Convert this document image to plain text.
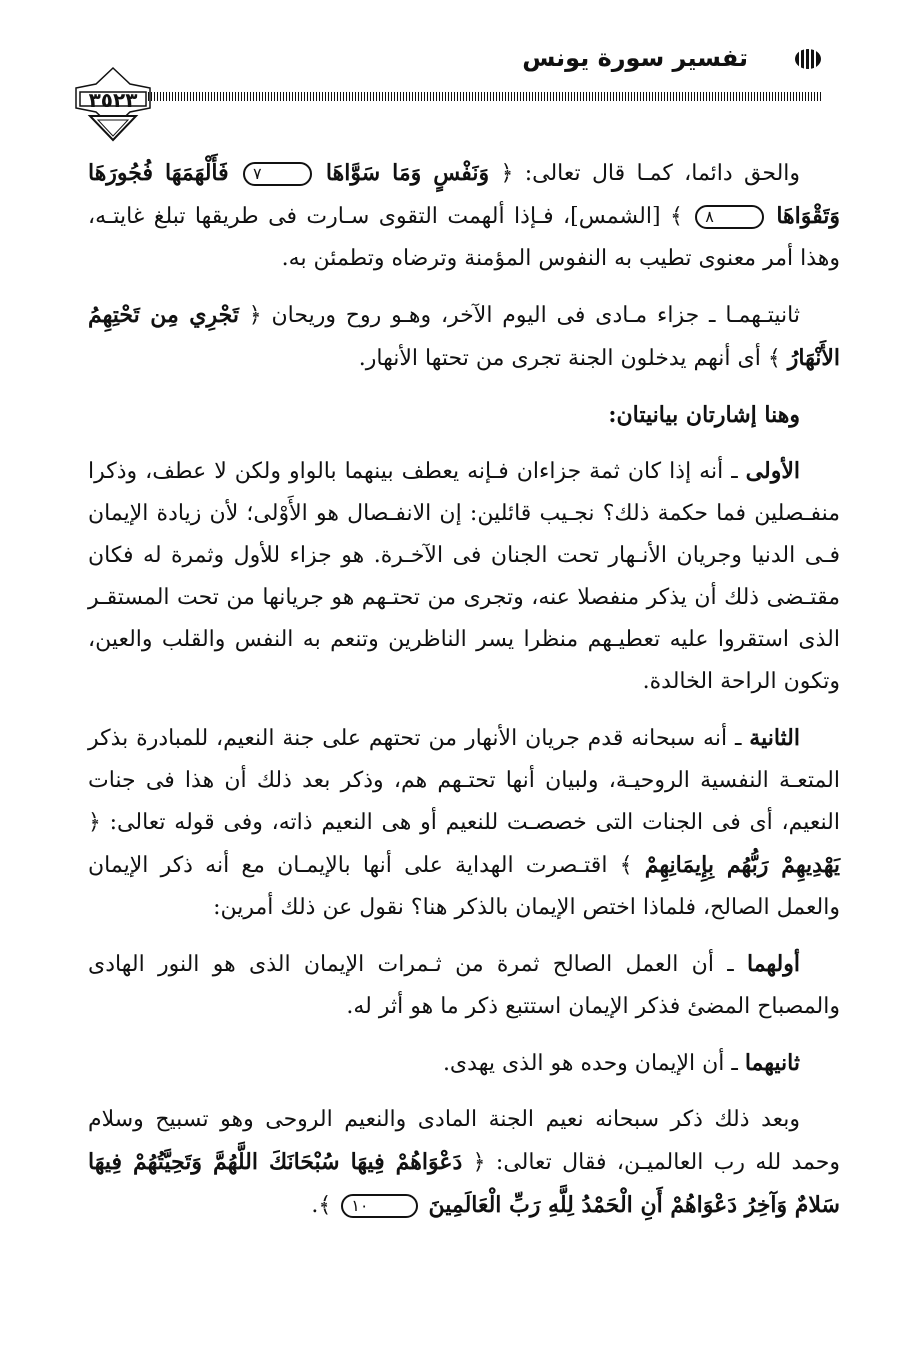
تفسير سورة يونس
٣٥٢٣

والحق دائما، كمـا قال تعالى: ﴿ وَنَفْسٍ وَمَا سَوَّاهَا ٧ فَأَلْهَمَهَا فُجُورَهَا وَتَقْوَاهَا ٨ ﴾ [الشمس]، فـإذا ألهمت التقوى سـارت فى طريقها تبلغ غايتـه، وهذا أمر معنوى تطيب به النفوس المؤمنة وترضاه وتطمئن به.

ثانيتـهمـا ـ جزاء مـادى فى اليوم الآخر، وهـو روح وريحان ﴿ تَجْرِي مِن تَحْتِهِمُ الأَنْهَارُ ﴾ أى أنهم يدخلون الجنة تجرى من تحتها الأنهار.

وهنا إشارتان بيانيتان:

الأولى ـ أنه إذا كان ثمة جزاءان فـإنه يعطف بينهما بالواو ولكن لا عطف، وذكرا منفـصلين فما حكمة ذلك؟ نجـيب قائلين: إن الانفـصال هو الأَوْلى؛ لأن زيادة الإيمان فـى الدنيا وجريان الأنـهار تحت الجنان فى الآخـرة. هو جزاء للأول وثمرة له فكان مقتـضى ذلك أن يذكر منفصلا عنه، وتجرى من تحتـهم هو جريانها من تحت المستقـر الذى استقروا عليه تعطيـهم منظرا يسر الناظرين وتنعم به النفس والقلب والعين، وتكون الراحة الخالدة.

الثانية ـ أنه سبحانه قدم جريان الأنهار من تحتهم على جنة النعيم، للمبادرة بذكر المتعـة النفسية الروحيـة، ولبيان أنها تحتـهم هم، وذكر بعد ذلك أن هذا فى جنات النعيم، أى فى الجنات التى خصصـت للنعيم أو هى النعيم ذاته، وفى قوله تعالى: ﴿ يَهْدِيهِمْ رَبُّهُم بِإِيمَانِهِمْ ﴾ اقتـصرت الهداية على أنها بالإيمـان مع أنه ذكر الإيمان والعمل الصالح، فلماذا اختص الإيمان بالذكر هنا؟ نقول عن ذلك أمرين:

أولهما ـ أن العمل الصالح ثمرة من ثـمرات الإيمان الذى هو النور الهادى والمصباح المضئ فذكر الإيمان استتبع ذكر ما هو أثر له.

ثانيهما ـ أن الإيمان وحده هو الذى يهدى.

وبعد ذلك ذكر سبحانه نعيم الجنة المادى والنعيم الروحى وهو تسبيح وسلام وحمد لله رب العالميـن، فقال تعالى: ﴿ دَعْوَاهُمْ فِيهَا سُبْحَانَكَ اللَّهُمَّ وَتَحِيَّتُهُمْ فِيهَا سَلامٌ وَآخِرُ دَعْوَاهُمْ أَنِ الْحَمْدُ لِلَّهِ رَبِّ الْعَالَمِينَ ١٠ ﴾.
